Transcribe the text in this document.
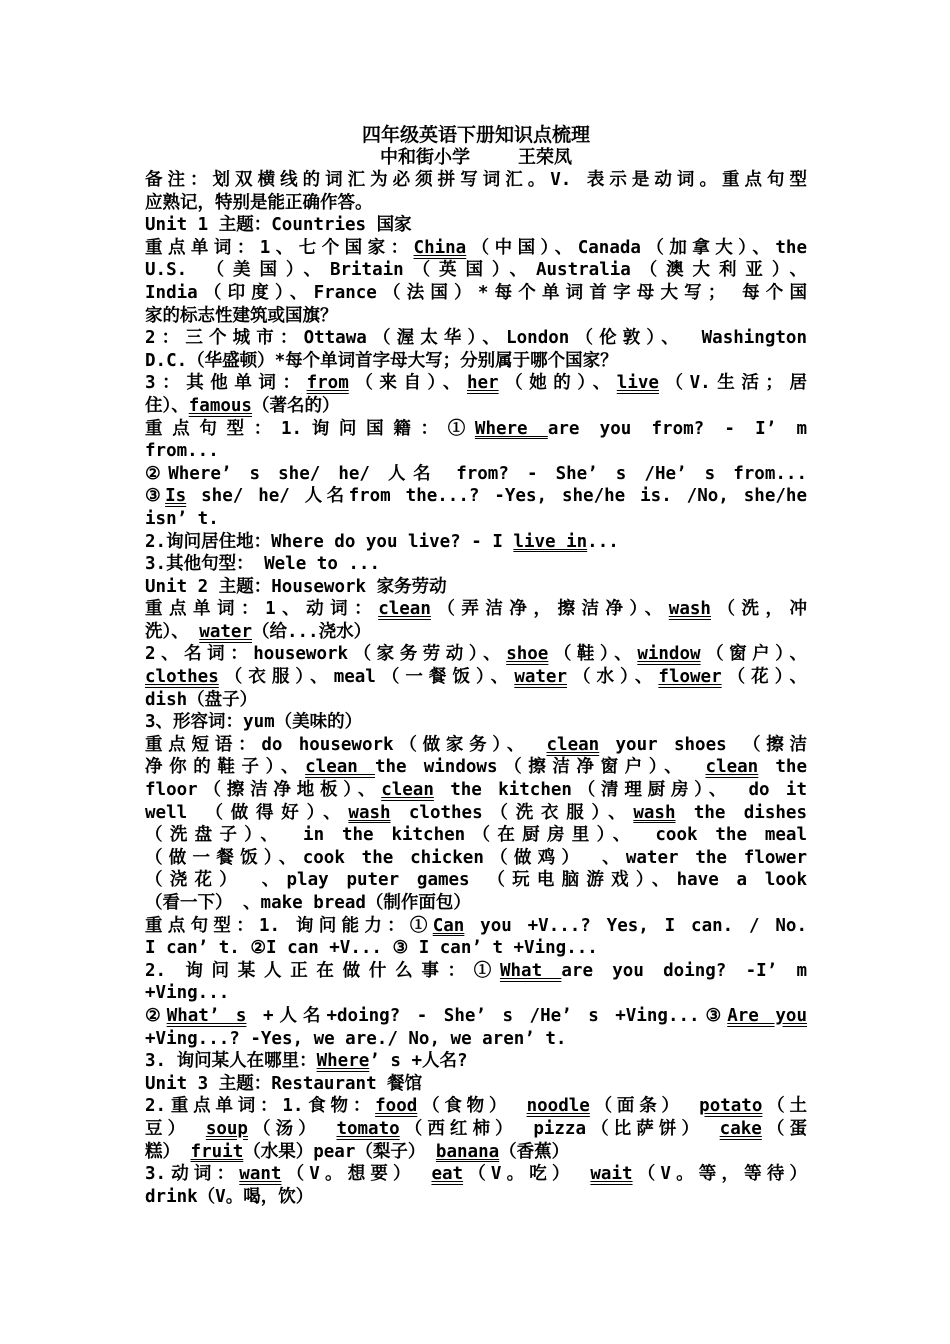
四年级英语下册知识点梳理
中和街小学	王荣凤
备注：划双横线的词汇为必须拼写词汇。V. 表示是动词。重点句型
应熟记，特别是能正确作答。
Unit 1 主题：Countries 国家
重点单词：1、七个国家：China（中国）、Canada（加拿大）、the
U.S. （美国）、Britain（英国）、Australia（澳大利亚）、
India（印度）、France（法国）*每个单词首字母大写； 每个国
家的标志性建筑或国旗？
2：三个城市：Ottawa（渥太华）、London（伦敦）、 Washington
D.C.（华盛顿）*每个单词首字母大写；分别属于哪个国家？
3：其他单词：from（来自）、her（她的）、live（V.生活；居
住）、famous（著名的）
重点句型：1.询问国籍：①Where are you from? - I’ m
from...
②Where’ s she/ he/ 人名 from? - She’ s /He’ s from...
③Is she/ he/ 人名from the...? -Yes, she/he is. /No, she/he
isn’ t.
2.询问居住地：Where do you live? - I live in...
3.其他句型： Wele to ...
Unit 2 主题：Housework 家务劳动
重点单词：1、动词：clean（弄洁净，擦洁净）、wash（洗，冲
洗）、 water（给...浇水）
2、名词：housework（家务劳动）、shoe（鞋）、window（窗户）、
clothes（衣服）、meal（一餐饭）、water（水）、flower（花）、
dish（盘子）
3、形容词：yum（美味的）
重点短语：do housework（做家务）、 clean your shoes （擦洁
净你的鞋子）、clean the windows（擦洁净窗户）、 clean the
floor（擦洁净地板）、clean the kitchen（清理厨房）、 do it
well （做得好）、wash clothes（洗衣服）、wash the dishes
（洗盘子）、 in the kitchen（在厨房里）、 cook the meal
（做一餐饭）、cook the chicken（做鸡） 、water the flower
（浇花） 、play puter games （玩电脑游戏）、have a look
（看一下） 、make bread（制作面包）
重点句型：1. 询问能力：①Can you +V...? Yes, I can. / No.
I can’ t. ②I can +V... ③ I can’ t +Ving...
2. 询问某人正在做什么事：①What are you doing? -I’ m
+Ving...
②What’ s +人名+doing? - She’ s /He’ s +Ving...③Are you
+Ving...? -Yes, we are./ No, we aren’ t.
3. 询问某人在哪里：Where’ s +人名?
Unit 3 主题：Restaurant 餐馆
2.重点单词：1.食物：food（食物） noodle（面条） potato（土
豆） soup（汤） tomato（西红柿） pizza（比萨饼） cake（蛋
糕） fruit（水果）pear（梨子） banana（香蕉）
3.动词：want（V。想要） eat（V。吃） wait（V。等，等待）
drink（V。喝，饮）
